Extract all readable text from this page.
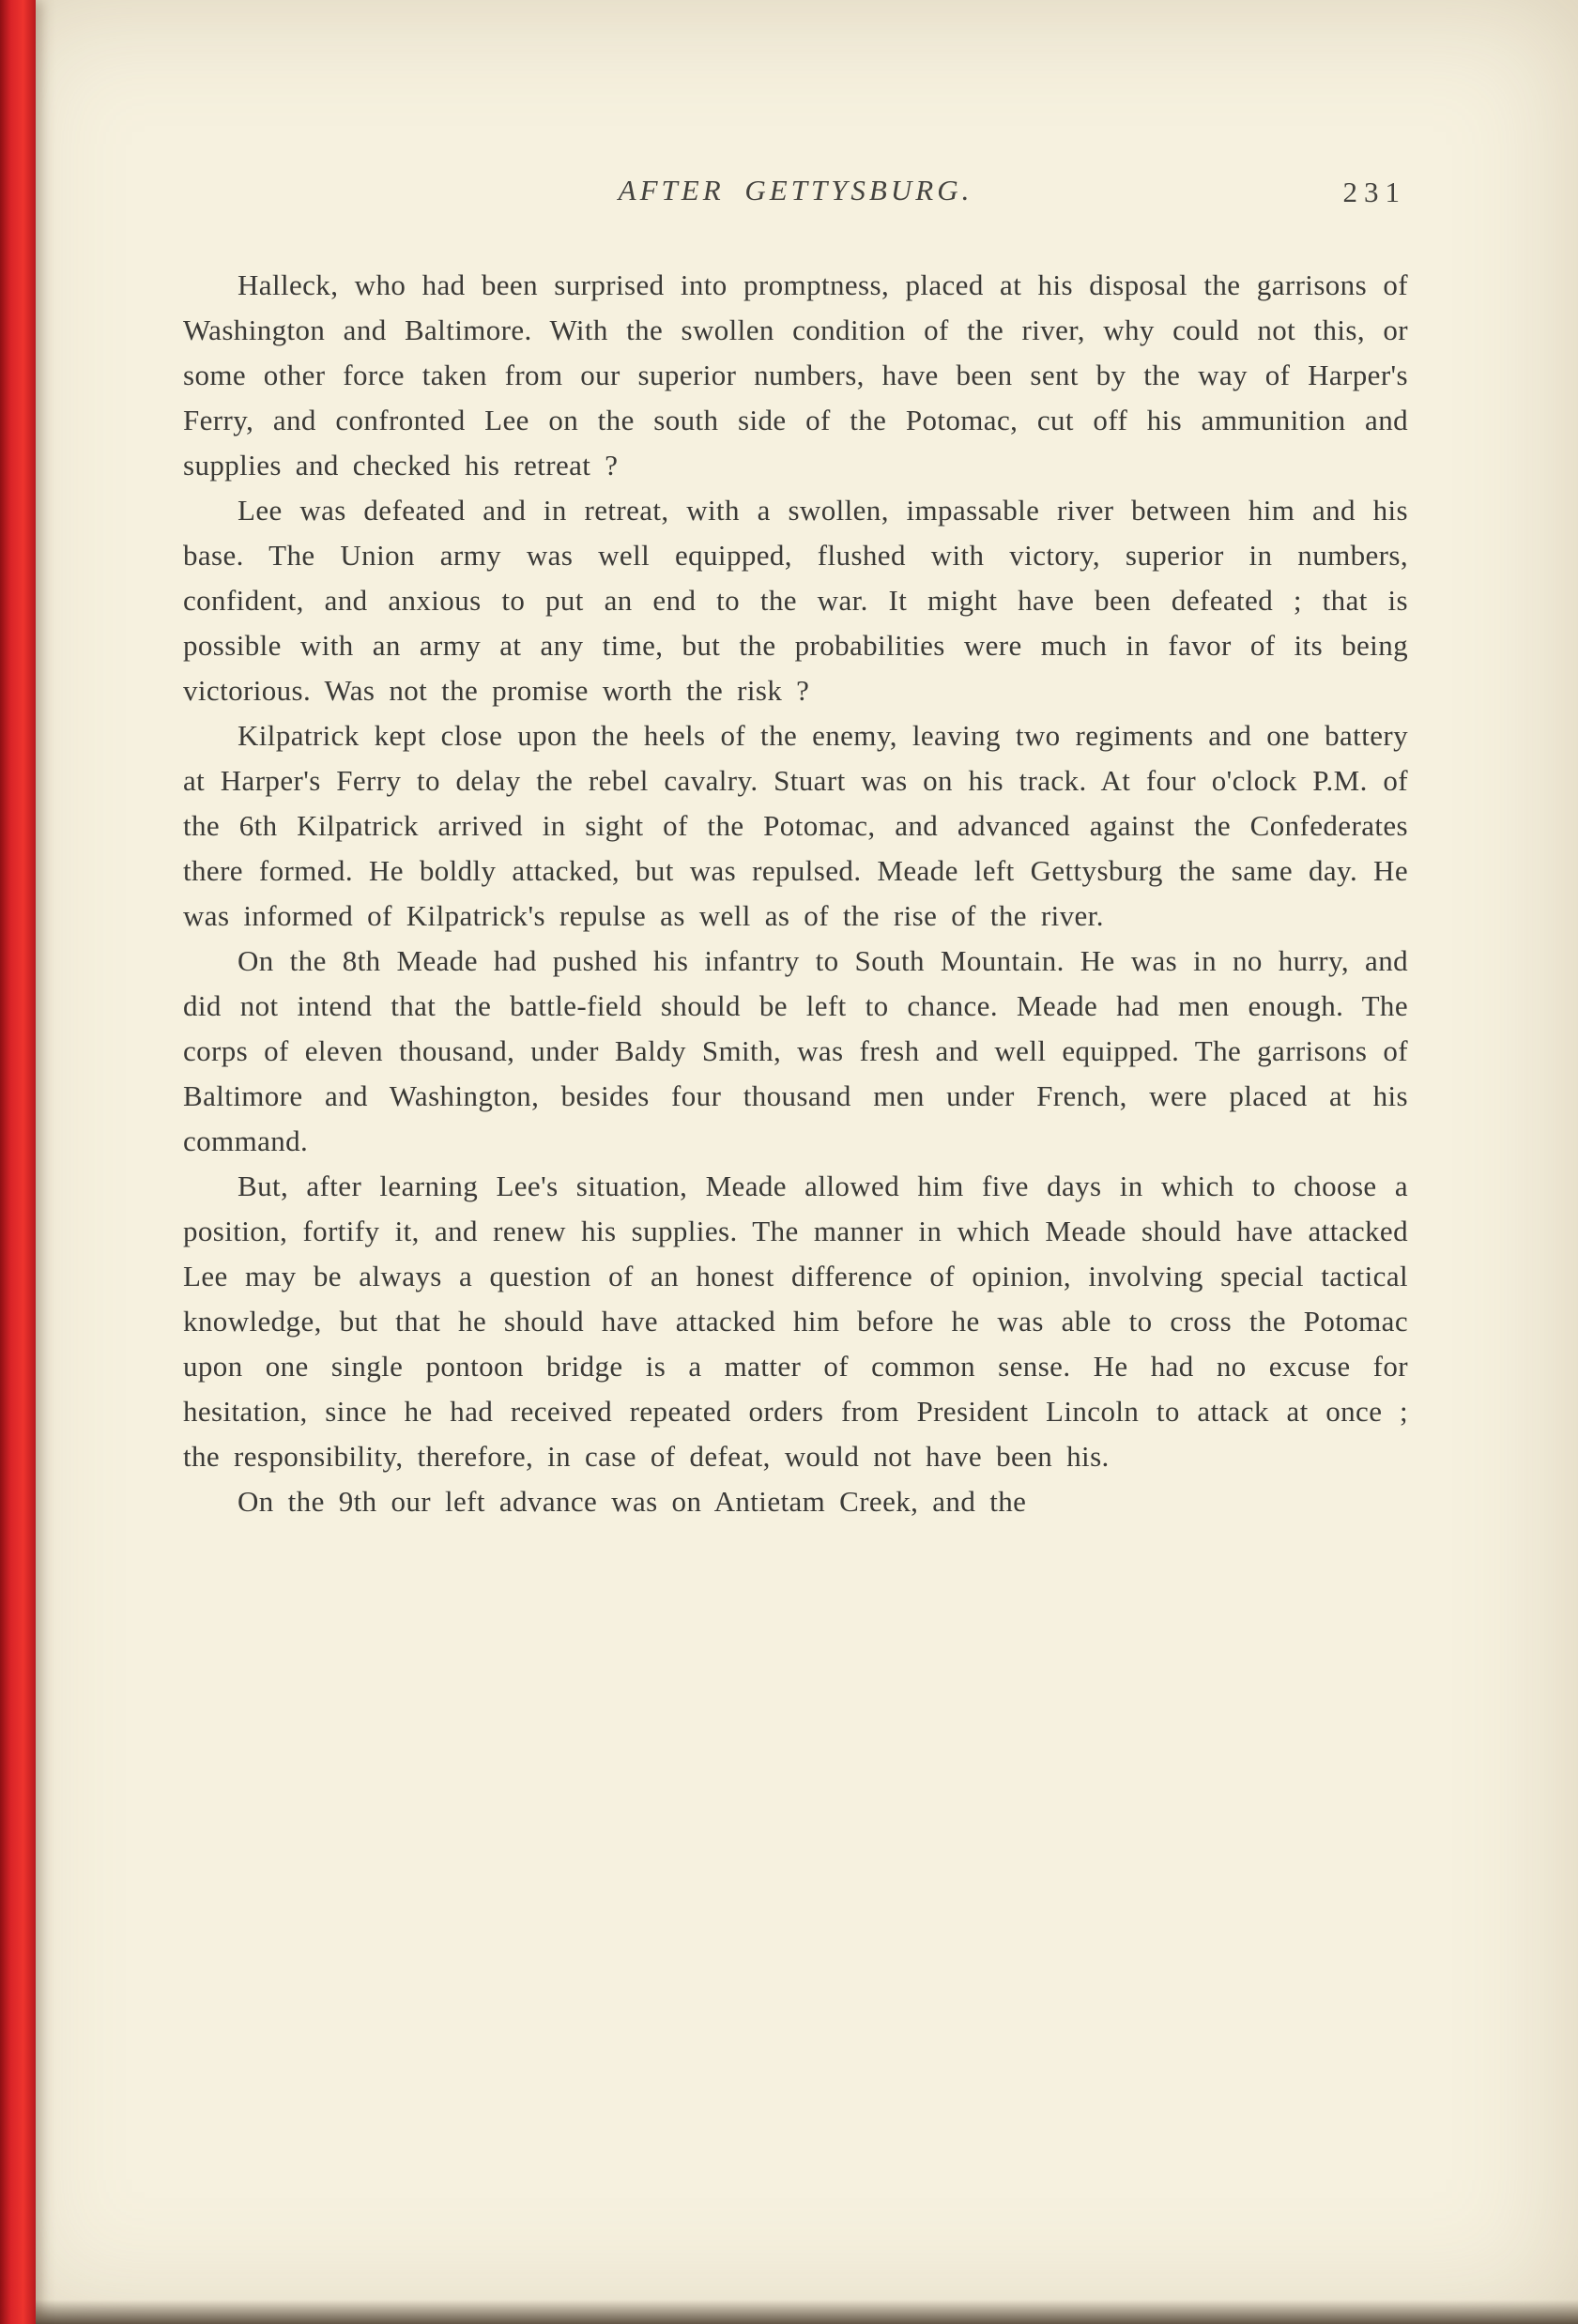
AFTER GETTYSBURG.	231

Halleck, who had been surprised into promptness, placed at his disposal the garrisons of Washington and Baltimore. With the swollen condition of the river, why could not this, or some other force taken from our superior numbers, have been sent by the way of Harper's Ferry, and confronted Lee on the south side of the Potomac, cut off his ammunition and supplies and checked his retreat ?

Lee was defeated and in retreat, with a swollen, impassable river between him and his base. The Union army was well equipped, flushed with victory, superior in numbers, confident, and anxious to put an end to the war. It might have been defeated ; that is possible with an army at any time, but the probabilities were much in favor of its being victorious. Was not the promise worth the risk ?

Kilpatrick kept close upon the heels of the enemy, leaving two regiments and one battery at Harper's Ferry to delay the rebel cavalry. Stuart was on his track. At four o'clock P.M. of the 6th Kilpatrick arrived in sight of the Potomac, and advanced against the Confederates there formed. He boldly attacked, but was repulsed. Meade left Gettysburg the same day. He was informed of Kilpatrick's repulse as well as of the rise of the river.

On the 8th Meade had pushed his infantry to South Mountain. He was in no hurry, and did not intend that the battle-field should be left to chance. Meade had men enough. The corps of eleven thousand, under Baldy Smith, was fresh and well equipped. The garrisons of Baltimore and Washington, besides four thousand men under French, were placed at his command.

But, after learning Lee's situation, Meade allowed him five days in which to choose a position, fortify it, and renew his supplies. The manner in which Meade should have attacked Lee may be always a question of an honest difference of opinion, involving special tactical knowledge, but that he should have attacked him before he was able to cross the Potomac upon one single pontoon bridge is a matter of common sense. He had no excuse for hesitation, since he had received repeated orders from President Lincoln to attack at once ; the responsibility, therefore, in case of defeat, would not have been his.

On the 9th our left advance was on Antietam Creek, and the
